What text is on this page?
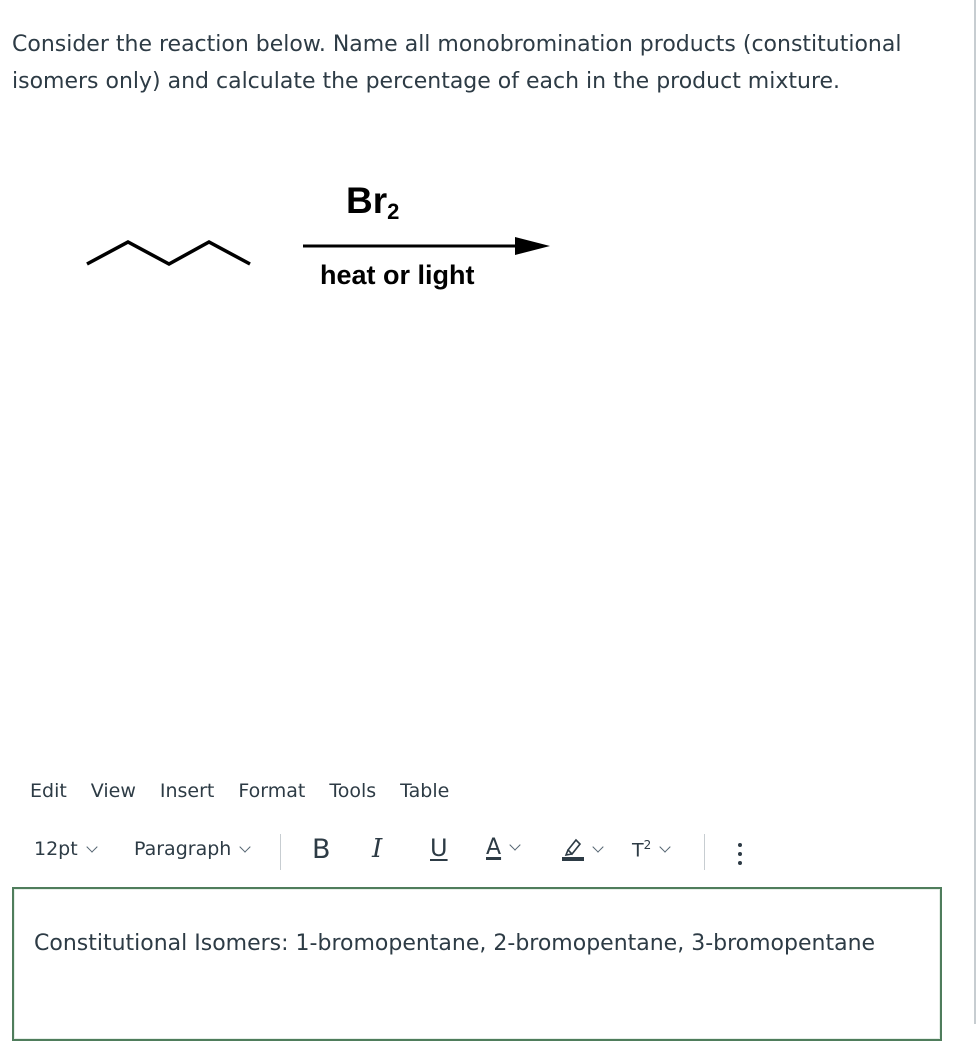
Consider the reaction below. Name all monobromination products (constitutional

isomers only) and calculate the percentage of each in the product mixture.

$Br_2$
heat or light
Edit View Insert Format Tools Table
12pt	Paragraph	B I U A	$T^2$
Constitutional Isomers: 1-bromopentane, 2-bromopentane, 3-bromopentane
